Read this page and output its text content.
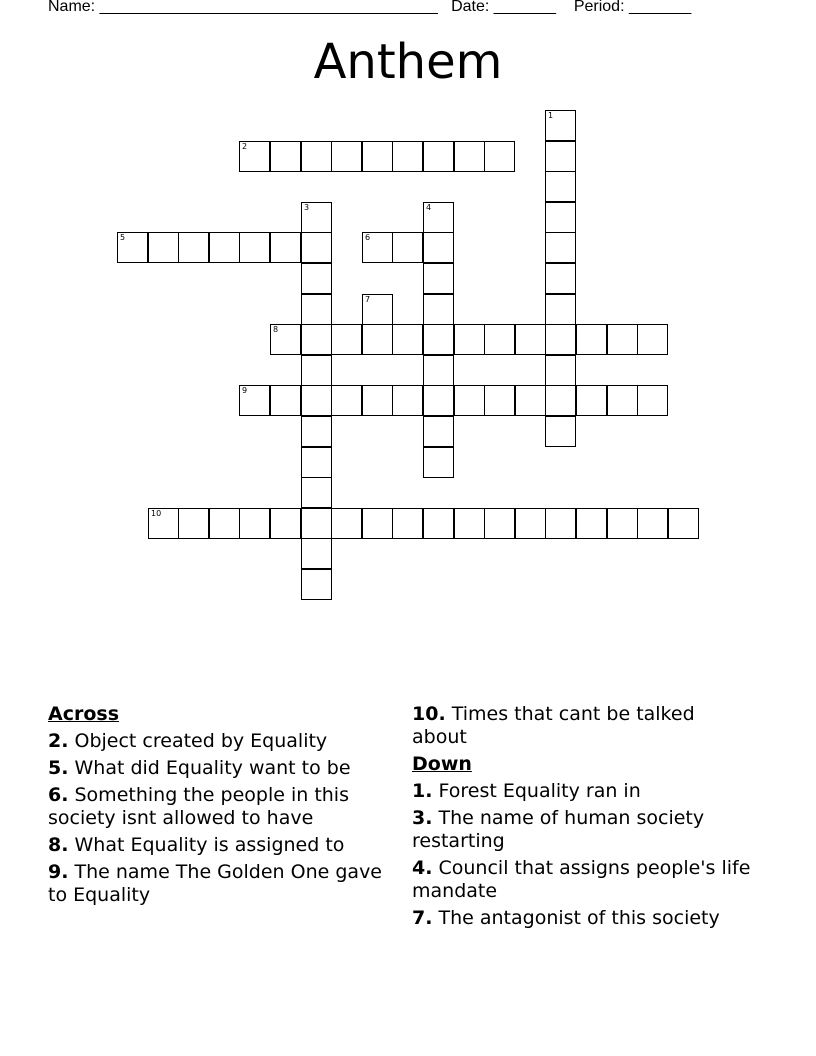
Name: ______________________________________ Date: _______ Period: _______
Anthem
1
2
3	4
5	6
7
8
9
10
Across
2. Object created by Equality
5. What did Equality want to be
6. Something the people in this society isnt allowed to have
8. What Equality is assigned to
9. The name The Golden One gave to Equality
10. Times that cant be talked about
Down
1. Forest Equality ran in
3. The name of human society restarting
4. Council that assigns people's life mandate
7. The antagonist of this society
